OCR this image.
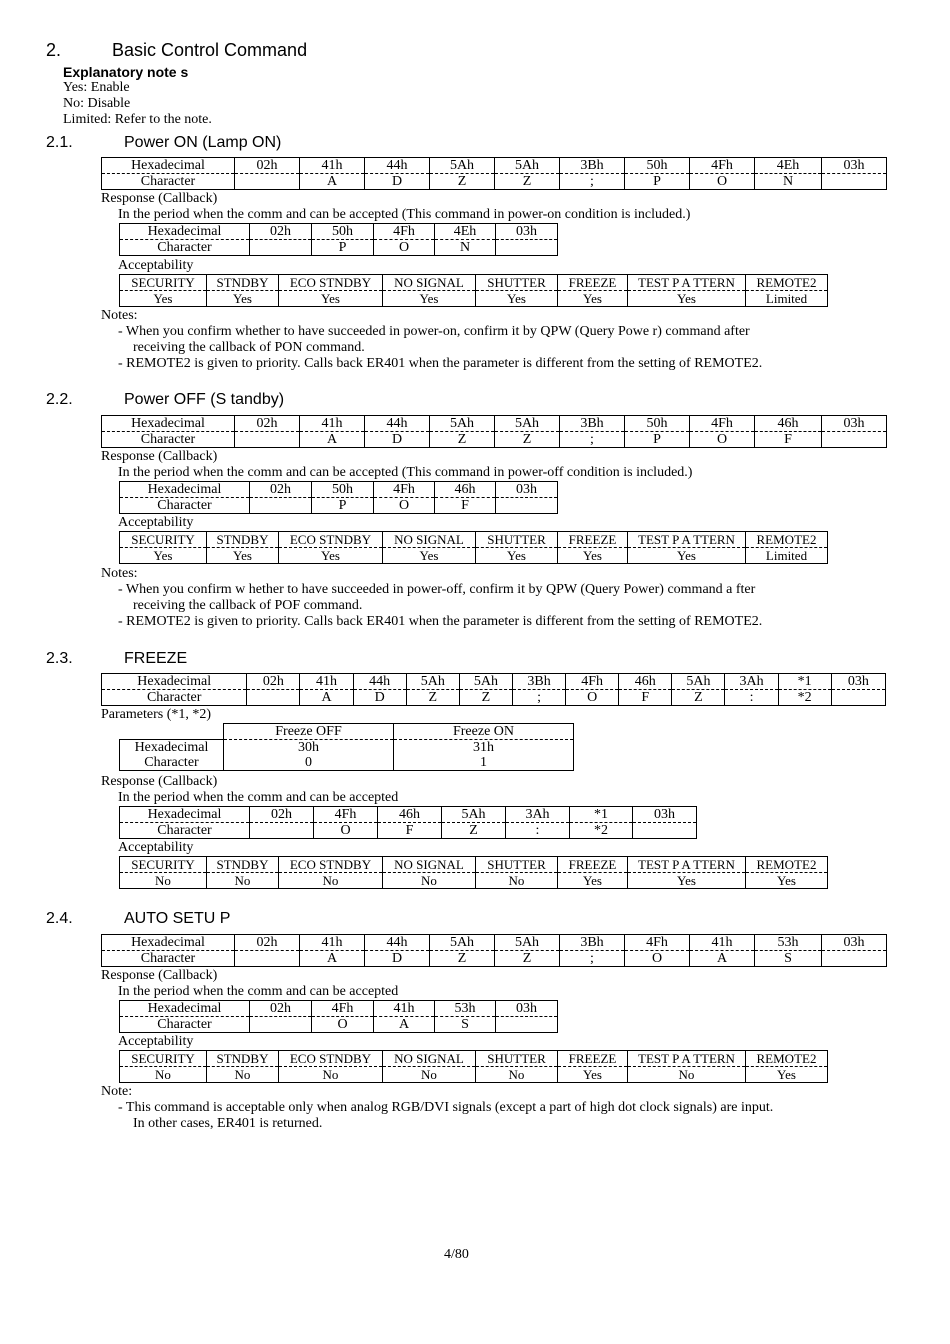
2.	Basic Control Command
Explanatory note s
Yes: Enable
No: Disable
Limited: Refer to the note.
2.1.	Power ON (Lamp ON)
Hexadecimal	02h	41h	44h	5Ah	5Ah	3Bh	50h	4Fh	4Eh	03h
Character		A	D	Z	Z	;	P	O	N	
Response (Callback)
In the period when the comm and can be accepted (This command in power-on condition is included.)
Hexadecimal	02h	50h	4Fh	4Eh	03h
Character		P	O	N	
Acceptability
SECURITY	STNDBY	ECO STNDBY	NO SIGNAL	SHUTTER	FREEZE	TEST P A TTERN	REMOTE2
Yes	Yes	Yes	Yes	Yes	Yes	Yes	Limited
Notes:
- When you confirm whether to have succeeded in power-on, confirm it by QPW (Query Powe r) command after
receiving the callback of PON command.
- REMOTE2 is given to priority. Calls back ER401 when the parameter is different from the setting of REMOTE2.
2.2.	Power OFF (S tandby)
Hexadecimal	02h	41h	44h	5Ah	5Ah	3Bh	50h	4Fh	46h	03h
Character		A	D	Z	Z	;	P	O	F	
Response (Callback)
In the period when the comm and can be accepted (This command in power-off condition is included.)
Hexadecimal	02h	50h	4Fh	46h	03h
Character		P	O	F	
Acceptability
SECURITY	STNDBY	ECO STNDBY	NO SIGNAL	SHUTTER	FREEZE	TEST P A TTERN	REMOTE2
Yes	Yes	Yes	Yes	Yes	Yes	Yes	Limited
Notes:
- When you confirm w hether to have succeeded in power-off, confirm it by QPW (Query Power) command a fter
receiving the callback of POF command.
- REMOTE2 is given to priority. Calls back ER401 when the parameter is different from the setting of REMOTE2.
2.3.	FREEZE
Hexadecimal	02h	41h	44h	5Ah	5Ah	3Bh	4Fh	46h	5Ah	3Ah	*1	03h
Character		A	D	Z	Z	;	O	F	Z	:	*2	
Parameters (*1, *2)
	Freeze OFF	Freeze ON
Hexadecimal	30h	31h
Character	0	1
Response (Callback)
In the period when the comm and can be accepted
Hexadecimal	02h	4Fh	46h	5Ah	3Ah	*1	03h
Character		O	F	Z	:	*2	
Acceptability
SECURITY	STNDBY	ECO STNDBY	NO SIGNAL	SHUTTER	FREEZE	TEST P A TTERN	REMOTE2
No	No	No	No	No	Yes	Yes	Yes
2.4.	AUTO SETU P
Hexadecimal	02h	41h	44h	5Ah	5Ah	3Bh	4Fh	41h	53h	03h
Character		A	D	Z	Z	;	O	A	S	
Response (Callback)
In the period when the comm and can be accepted
Hexadecimal	02h	4Fh	41h	53h	03h
Character		O	A	S	
Acceptability
SECURITY	STNDBY	ECO STNDBY	NO SIGNAL	SHUTTER	FREEZE	TEST P A TTERN	REMOTE2
No	No	No	No	No	Yes	No	Yes
Note:
- This command is acceptable only when analog RGB/DVI signals (except a part of high dot clock signals) are input.
In other cases, ER401 is returned.
4/80
